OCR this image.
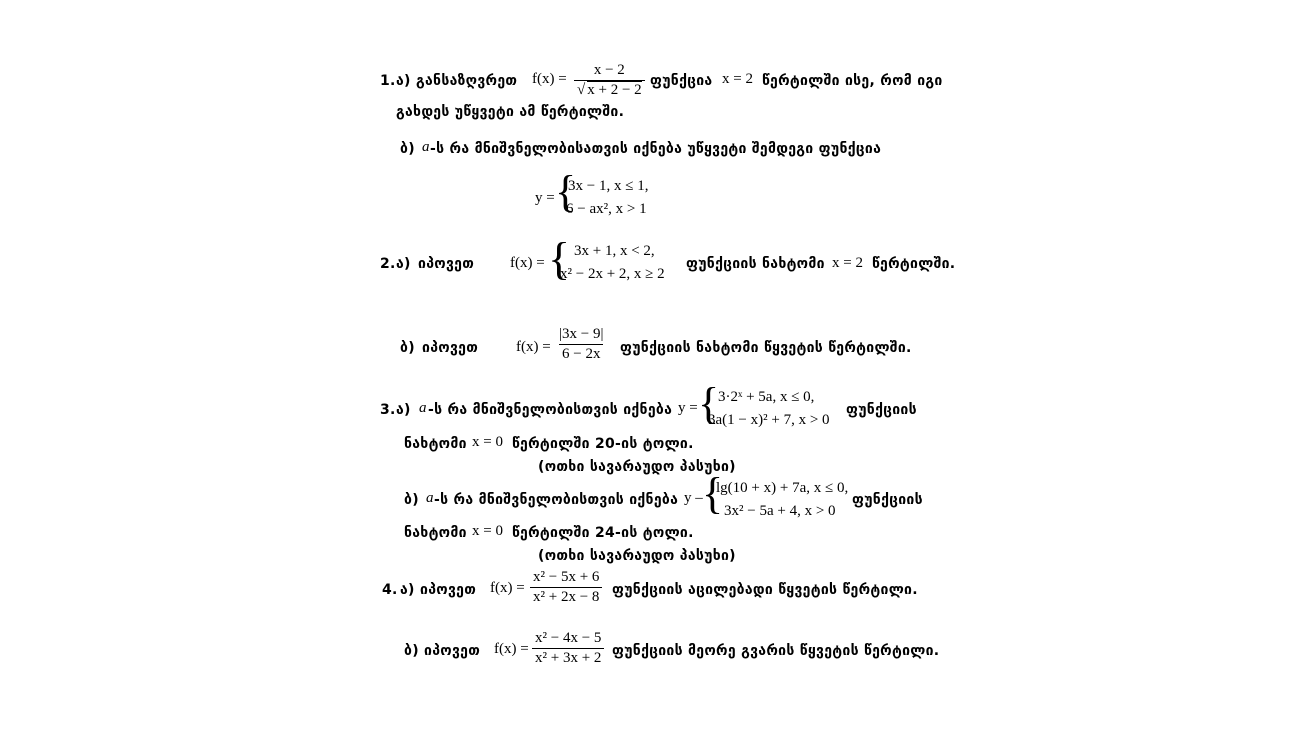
1. ა) განსაზღვრეთ $f(x) = \frac{x - 2}{√ x + 2 - 2}$ ფუნქცია x = 2 წერტილში ისე, რომ იგი
გახდეს უწყვეტი ამ წერტილში.
ბ) a -ს რა მნიშვნელობისათვის იქნება უწყვეტი შემდეგი ფუნქცია
y = {
3x − 1, x ≤ 1,
6 − ax², x > 1
2. ა) იპოვეთ f(x) = { 3x + 1, x < 2,
x² − 2x + 2, x ≥ 2
ფუნქციის ნახტომი x = 2 წერტილში.
ბ) იპოვეთ	$f(x) = \frac{|3x - 9|}{6 - 2x}$ ფუნქციის ნახტომი წყვეტის წერტილში.
3. ა) a -ს რა მნიშვნელობისთვის იქნება y = {
3·2ˣ + 5a, x ≤ 0,
3a(1 − x)² + 7, x > 0
ფუნქციის
ნახტომი x = 0 წერტილში 20-ის ტოლი.
(ოთხი სავარაუდო პასუხი)
ბ) a -ს რა მნიშვნელობისთვის იქნება y – {
lg(10 + x) + 7a, x ≤ 0,
3x² − 5a + 4, x > 0
ფუნქციის
ნახტომი x = 0 წერტილში 24-ის ტოლი.
(ოთხი სავარაუდო პასუხი)
4. ა) იპოვეთ $f(x) = \frac{\text{x² − 5x + 6}}{\text{x² + 2x − 8}}$ ფუნქციის აცილებადი წყვეტის წერტილი.
ბ) იპოვეთ $f(x) = \frac{\text{x² − 4x − 5}}{\text{x² + 3x + 2}}$ ფუნქციის მეორე გვარის წყვეტის წერტილი.
